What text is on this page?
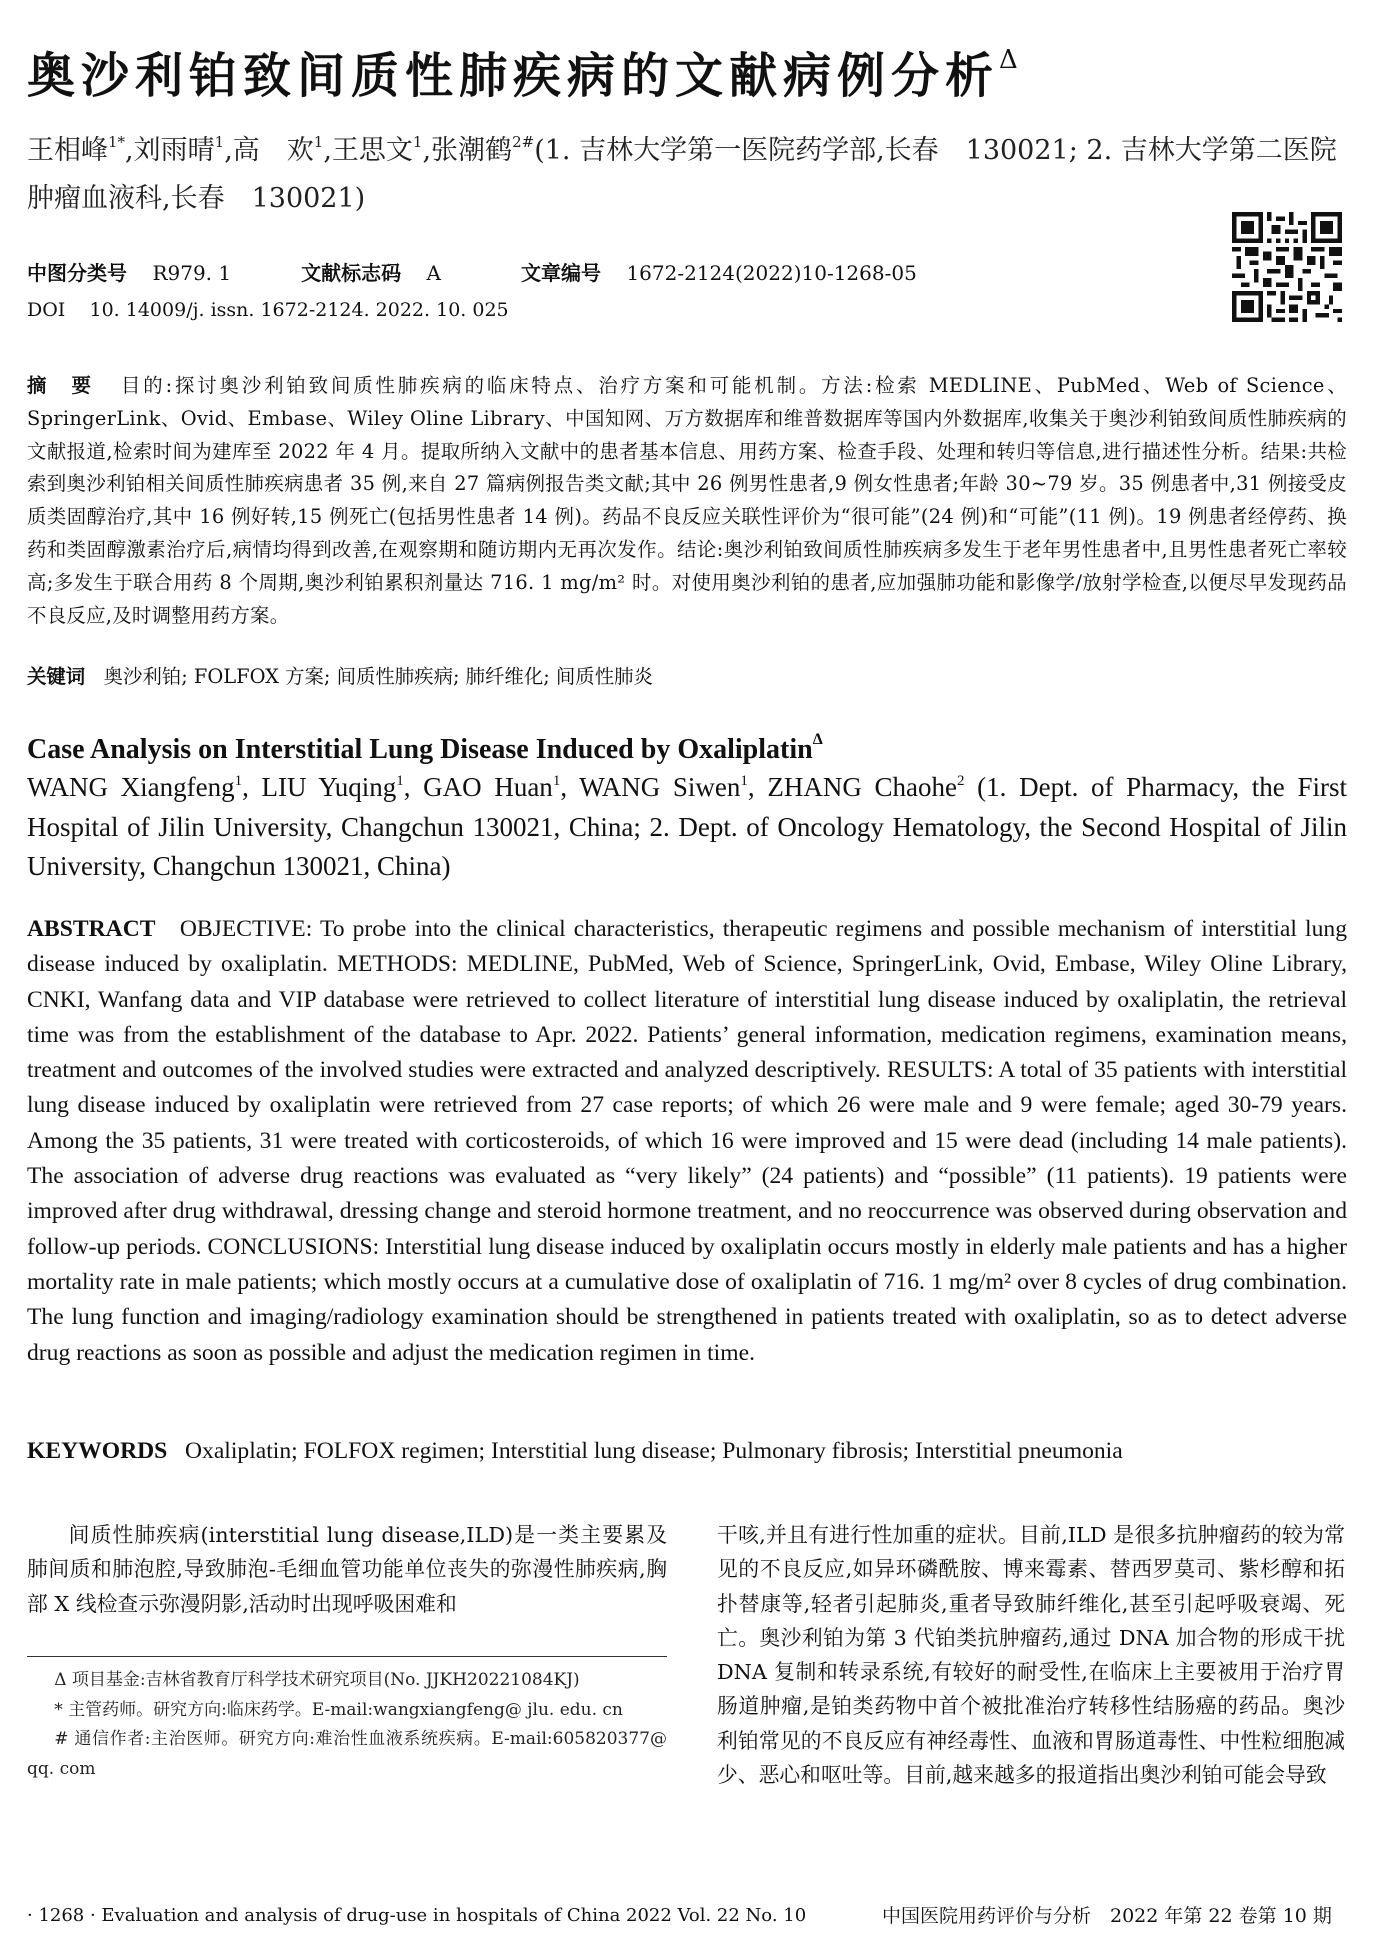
奥沙利铂致间质性肺疾病的文献病例分析$^\Delta$
王相峰$^{1*}$,刘雨晴$^1$,高　欢$^1$,王思文$^1$,张潮鹤$^{2\#}$(1. 吉林大学第一医院药学部,长春　130021; 2. 吉林大学第二医院肿瘤血液科,长春　130021)
中图分类号 R979. 1	文献标志码 A	文章编号 1672-2124(2022)10-1268-05
DOI 10. 14009/j. issn. 1672-2124. 2022. 10. 025
摘　要 目的:探讨奥沙利铂致间质性肺疾病的临床特点、治疗方案和可能机制。方法:检索 MEDLINE、PubMed、Web of Science、SpringerLink、Ovid、Embase、Wiley Oline Library、中国知网、万方数据库和维普数据库等国内外数据库,收集关于奥沙利铂致间质性肺疾病的文献报道,检索时间为建库至 2022 年 4 月。提取所纳入文献中的患者基本信息、用药方案、检查手段、处理和转归等信息,进行描述性分析。结果:共检索到奥沙利铂相关间质性肺疾病患者 35 例,来自 27 篇病例报告类文献;其中 26 例男性患者,9 例女性患者;年龄 30~79 岁。35 例患者中,31 例接受皮质类固醇治疗,其中 16 例好转,15 例死亡(包括男性患者 14 例)。药品不良反应关联性评价为“很可能”(24 例)和“可能”(11 例)。19 例患者经停药、换药和类固醇激素治疗后,病情均得到改善,在观察期和随访期内无再次发作。结论:奥沙利铂致间质性肺疾病多发生于老年男性患者中,且男性患者死亡率较高;多发生于联合用药 8 个周期,奥沙利铂累积剂量达 716. 1 mg/m² 时。对使用奥沙利铂的患者,应加强肺功能和影像学/放射学检查,以便尽早发现药品不良反应,及时调整用药方案。
关键词 奥沙利铂; FOLFOX 方案; 间质性肺疾病; 肺纤维化; 间质性肺炎
Case Analysis on Interstitial Lung Disease Induced by Oxaliplatin$^\Delta$
WANG Xiangfeng$^1$, LIU Yuqing$^1$, GAO Huan$^1$, WANG Siwen$^1$, ZHANG Chaohe$^2$ (1. Dept. of Pharmacy, the First Hospital of Jilin University, Changchun 130021, China; 2. Dept. of Oncology Hematology, the Second Hospital of Jilin University, Changchun 130021, China)
ABSTRACT OBJECTIVE: To probe into the clinical characteristics, therapeutic regimens and possible mechanism of interstitial lung disease induced by oxaliplatin. METHODS: MEDLINE, PubMed, Web of Science, SpringerLink, Ovid, Embase, Wiley Oline Library, CNKI, Wanfang data and VIP database were retrieved to collect literature of interstitial lung disease induced by oxaliplatin, the retrieval time was from the establishment of the database to Apr. 2022. Patients’ general information, medication regimens, examination means, treatment and outcomes of the involved studies were extracted and analyzed descriptively. RESULTS: A total of 35 patients with interstitial lung disease induced by oxaliplatin were retrieved from 27 case reports; of which 26 were male and 9 were female; aged 30-79 years. Among the 35 patients, 31 were treated with corticosteroids, of which 16 were improved and 15 were dead (including 14 male patients). The association of adverse drug reactions was evaluated as “very likely” (24 patients) and “possible” (11 patients). 19 patients were improved after drug withdrawal, dressing change and steroid hormone treatment, and no reoccurrence was observed during observation and follow-up periods. CONCLUSIONS: Interstitial lung disease induced by oxaliplatin occurs mostly in elderly male patients and has a higher mortality rate in male patients; which mostly occurs at a cumulative dose of oxaliplatin of 716. 1 mg/m² over 8 cycles of drug combination. The lung function and imaging/radiology examination should be strengthened in patients treated with oxaliplatin, so as to detect adverse drug reactions as soon as possible and adjust the medication regimen in time.
KEYWORDS Oxaliplatin; FOLFOX regimen; Interstitial lung disease; Pulmonary fibrosis; Interstitial pneumonia
间质性肺疾病(interstitial lung disease,ILD)是一类主要累及肺间质和肺泡腔,导致肺泡-毛细血管功能单位丧失的弥漫性肺疾病,胸部 X 线检查示弥漫阴影,活动时出现呼吸困难和

Δ 项目基金:吉林省教育厅科学技术研究项目(No. JJKH20221084KJ)

* 主管药师。研究方向:临床药学。E-mail:wangxiangfeng@ jlu. edu. cn

# 通信作者:主治医师。研究方向:难治性血液系统疾病。E-mail:605820377@ qq. com

干咳,并且有进行性加重的症状。目前,ILD 是很多抗肿瘤药的较为常见的不良反应,如异环磷酰胺、博来霉素、替西罗莫司、紫杉醇和拓扑替康等,轻者引起肺炎,重者导致肺纤维化,甚至引起呼吸衰竭、死亡。奥沙利铂为第 3 代铂类抗肿瘤药,通过 DNA 加合物的形成干扰 DNA 复制和转录系统,有较好的耐受性,在临床上主要被用于治疗胃肠道肿瘤,是铂类药物中首个被批准治疗转移性结肠癌的药品。奥沙利铂常见的不良反应有神经毒性、血液和胃肠道毒性、中性粒细胞减少、恶心和呕吐等。目前,越来越多的报道指出奥沙利铂可能会导致
· 1268 · Evaluation and analysis of drug-use in hospitals of China 2022 Vol. 22 No. 10	中国医院用药评价与分析　2022 年第 22 卷第 10 期
